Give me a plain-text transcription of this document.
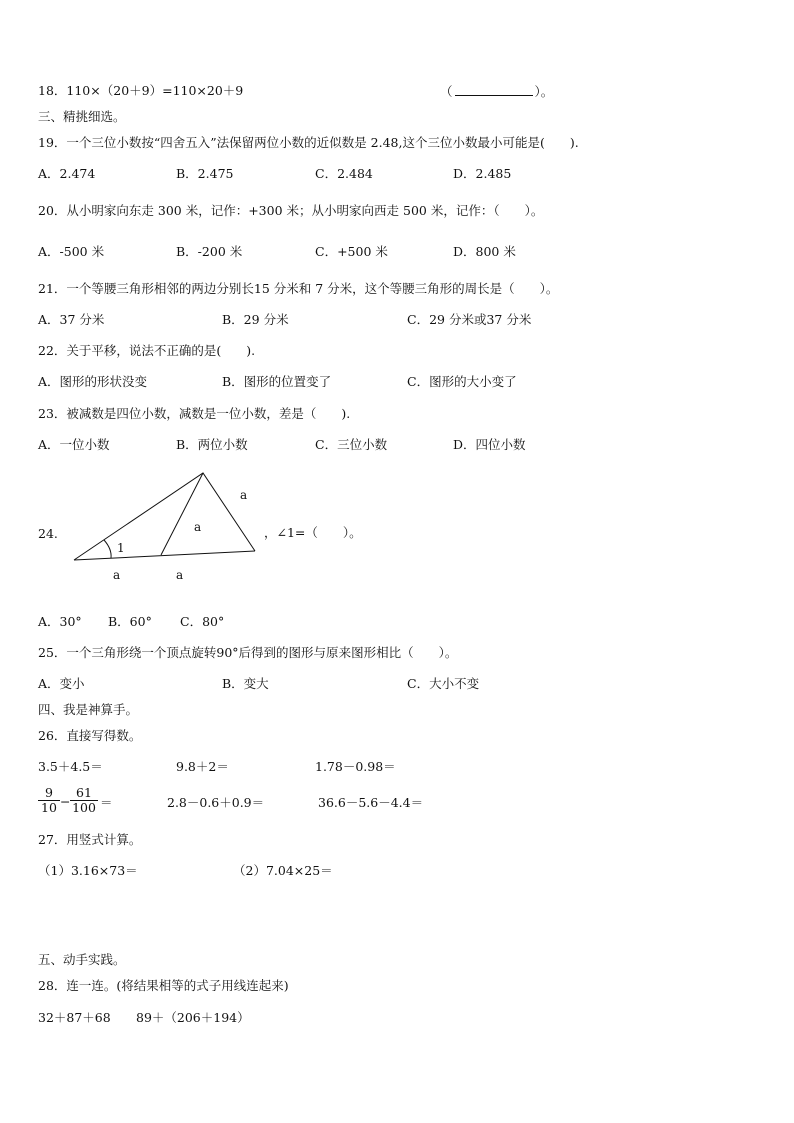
18．110×（20＋9）=110×20＋9	（	）。
三、精挑细选。
19．一个三位小数按“四舍五入”法保留两位小数的近似数是 2.48,这个三位小数最小可能是(　　).
A．2.474	B．2.475	C．2.484	D．2.485
20．从小明家向东走 300 米，记作：+300 米；从小明家向西走 500 米，记作：（　　）。
A．-500 米	B．-200 米	C．+500 米	D．800 米
21．一个等腰三角形相邻的两边分别长15 分米和 7 分米，这个等腰三角形的周长是（　　）。
A．37 分米	B．29 分米	C．29 分米或37 分米
22．关于平移，说法不正确的是(　　).
A．图形的形状没变	B．图形的位置变了	C．图形的大小变了
23．被减数是四位小数，减数是一位小数，差是（　　).
A．一位小数	B．两位小数	C．三位小数	D．四位小数
24.
1
a
a
a	a
，∠1=（　　）。
A．30° B．60° C．80°
25．一个三角形绕一个顶点旋转90°后得到的图形与原来图形相比（　　）。
A．变小	B．变大	C．大小不变
四、我是神算手。
26．直接写得数。
3.5＋4.5＝	9.8＋2＝	1.78－0.98＝
$\frac{9}{10} - \frac{61}{100}$ ＝	2.8－0.6＋0.9＝	36.6－5.6－4.4＝
27．用竖式计算。
（1）3.16×73＝	（2）7.04×25＝
五、动手实践。
28．连一连。(将结果相等的式子用线连起来)
32＋87＋68 89＋（206＋194）
